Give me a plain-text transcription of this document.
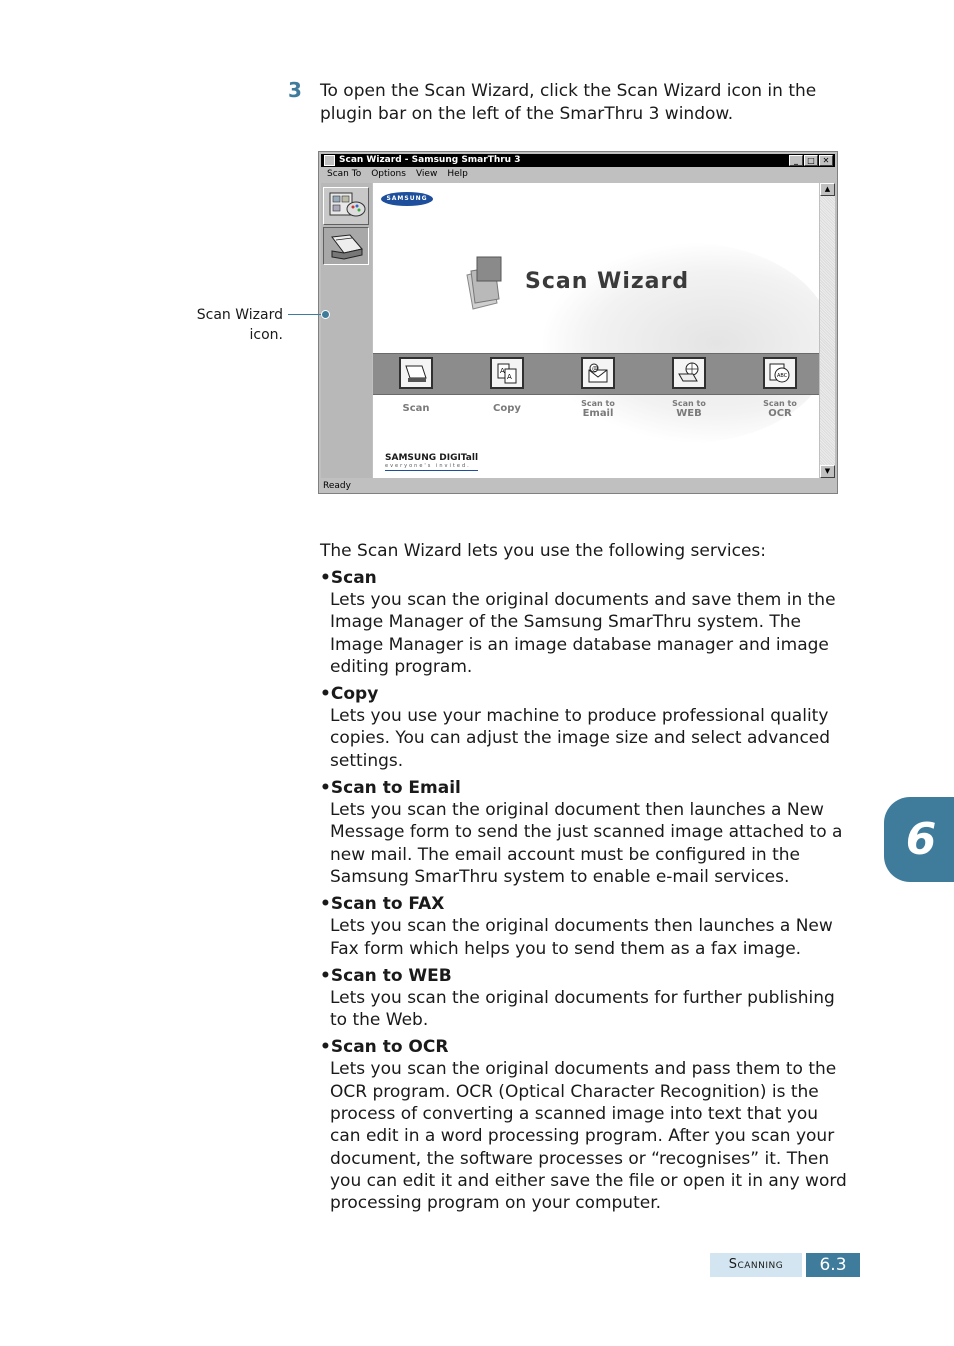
3 To open the Scan Wizard, click the Scan Wizard icon in the plugin bar on the left of the SmarThru 3 window.
Scan Wizard - Samsung SmarThru 3	_	□ ✕
Scan To Options View Help
SAMSUNG
Scan Wizard
A
A
@
ABC
Scan	Copy	Scan to
Email
Scan to
WEB
Scan to
OCR
SAMSUNG DIGITall
everyone's invited.
▲
▼
Ready
Scan Wizard icon.
The Scan Wizard lets you use the following services:
•Scan
Lets you scan the original documents and save them in the Image Manager of the Samsung SmarThru system. The Image Manager is an image database manager and image editing program.
•Copy
Lets you use your machine to produce professional quality copies. You can adjust the image size and select advanced settings.
•Scan to Email
Lets you scan the original document then launches a New Message form to send the just scanned image attached to a new mail. The email account must be configured in the Samsung SmarThru system to enable e-mail services.
•Scan to FAX
Lets you scan the original documents then launches a New Fax form which helps you to send them as a fax image.
•Scan to WEB
Lets you scan the original documents for further publishing to the Web.
•Scan to OCR
Lets you scan the original documents and pass them to the OCR program. OCR (Optical Character Recognition) is the process of converting a scanned image into text that you can edit in a word processing program. After you scan your document, the software processes or “recognises” it. Then you can edit it and either save the file or open it in any word processing program on your computer.
6
Scanning	6.3
